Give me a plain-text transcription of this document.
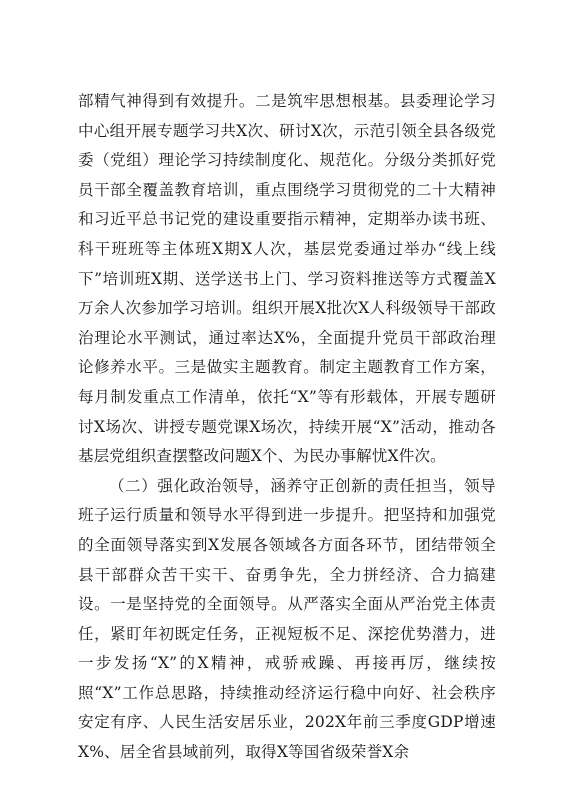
部精气神得到有效提升。二是筑牢思想根基。县委理论学习中心组开展专题学习共X次、研讨X次，示范引领全县各级党委（党组）理论学习持续制度化、规范化。分级分类抓好党员干部全覆盖教育培训，重点围绕学习贯彻党的二十大精神和习近平总书记党的建设重要指示精神，定期举办读书班、科干班班等主体班X期X人次，基层党委通过举办“线上线下”培训班X期、送学送书上门、学习资料推送等方式覆盖X万余人次参加学习培训。组织开展X批次X人科级领导干部政治理论水平测试，通过率达X%，全面提升党员干部政治理论修养水平。三是做实主题教育。制定主题教育工作方案，每月制发重点工作清单，依托“X”等有形载体，开展专题研讨X场次、讲授专题党课X场次，持续开展“X”活动，推动各基层党组织查摆整改问题X个、为民办事解忧X件次。

（二）强化政治领导，涵养守正创新的责任担当，领导班子运行质量和领导水平得到进一步提升。把坚持和加强党的全面领导落实到X发展各领域各方面各环节，团结带领全县干部群众苦干实干、奋勇争先，全力拼经济、合力搞建设。一是坚持党的全面领导。从严落实全面从严治党主体责任，紧盯年初既定任务，正视短板不足、深挖优势潜力，进一步发扬“X”的X精神，戒骄戒躁、再接再厉，继续按照“X”工作总思路，持续推动经济运行稳中向好、社会秩序安定有序、人民生活安居乐业，202X年前三季度GDP增速X%、居全省县域前列，取得X等国省级荣誉X余
